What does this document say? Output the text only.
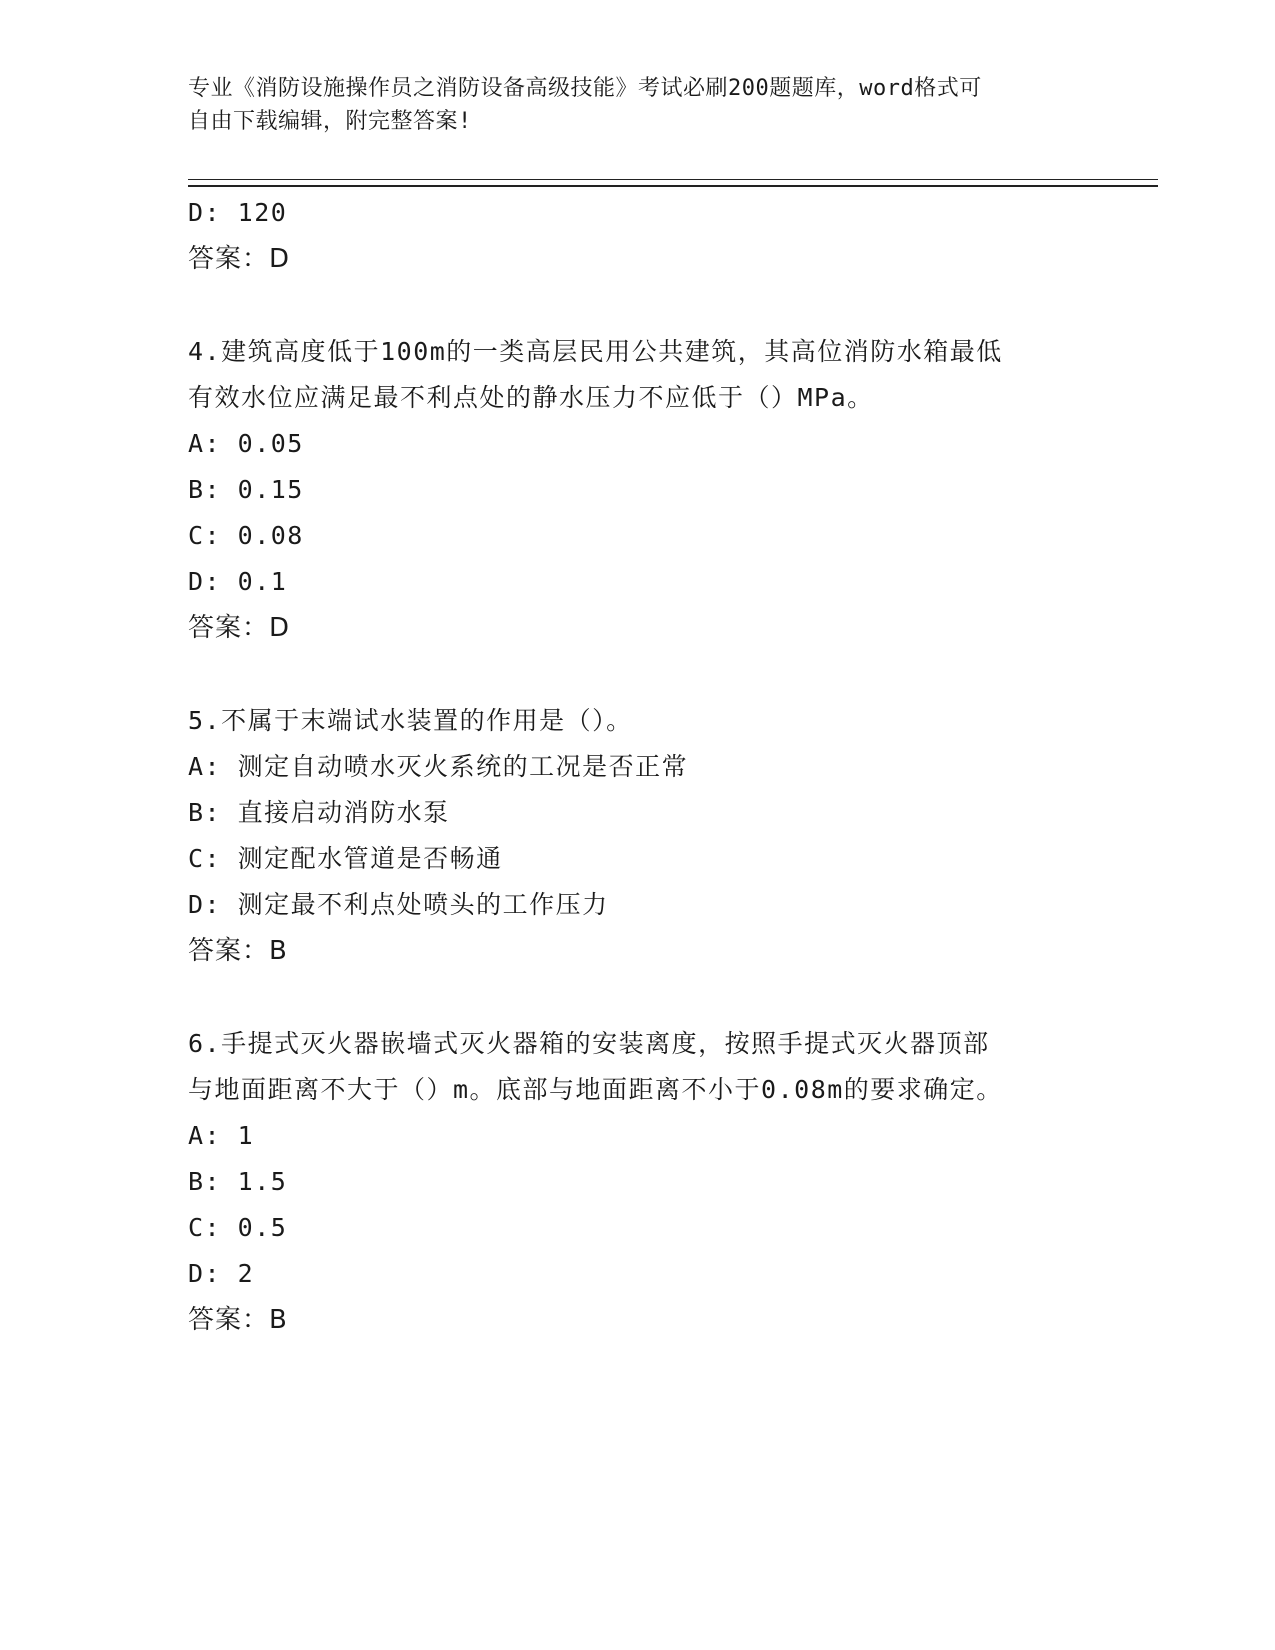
专业《消防设施操作员之消防设备高级技能》考试必刷200题题库，word格式可
自由下载编辑，附完整答案!
D: 120
答案：D
4.建筑高度低于100m的一类高层民用公共建筑，其高位消防水箱最低
有效水位应满足最不利点处的静水压力不应低于（）MPa。
A: 0.05
B: 0.15
C: 0.08
D: 0.1
答案：D
5.不属于末端试水装置的作用是（）。
A: 测定自动喷水灭火系统的工况是否正常
B: 直接启动消防水泵
C: 测定配水管道是否畅通
D: 测定最不利点处喷头的工作压力
答案：B
6.手提式灭火器嵌墙式灭火器箱的安装离度，按照手提式灭火器顶部
与地面距离不大于（）m。底部与地面距离不小于0.08m的要求确定。
A: 1
B: 1.5
C: 0.5
D: 2
答案：B
